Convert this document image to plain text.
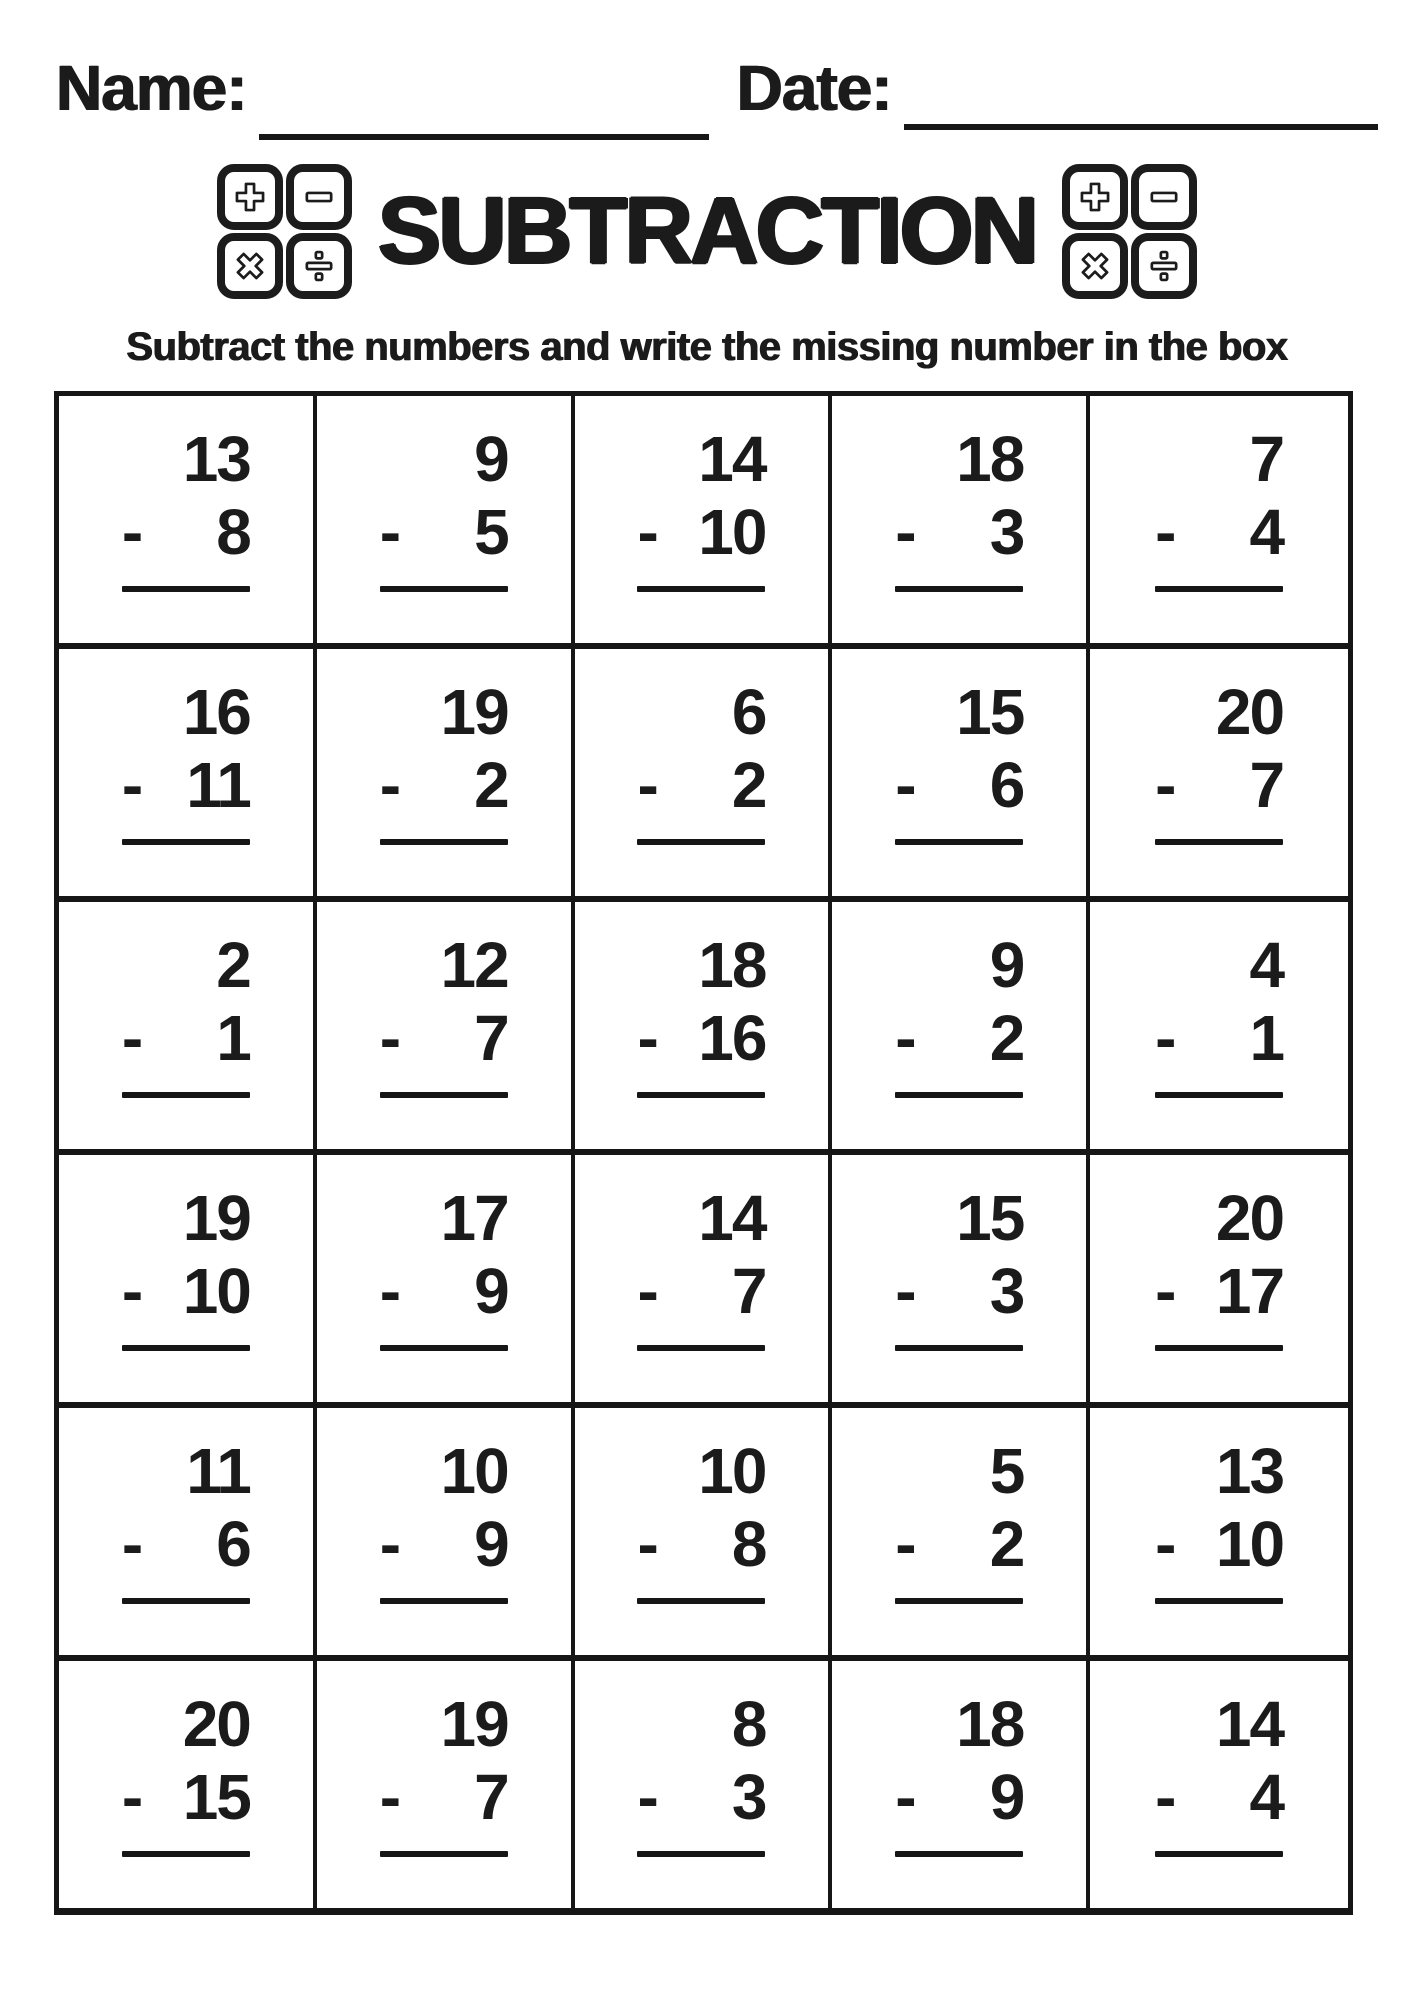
Name:	Date:
SUBTRACTION
Subtract the numbers and write the missing number in the box
13
- 8
9
- 5
14
- 10
18
- 3
7
- 4
16
- 11
19
- 2
6
- 2
15
- 6
20
- 7
2
- 1
12
- 7
18
- 16
9
- 2
4
- 1
19
- 10
17
- 9
14
- 7
15
- 3
20
- 17
11
- 6
10
- 9
10
- 8
5
- 2
13
- 10
20
- 15
19
- 7
8
- 3
18
- 9
14
- 4
